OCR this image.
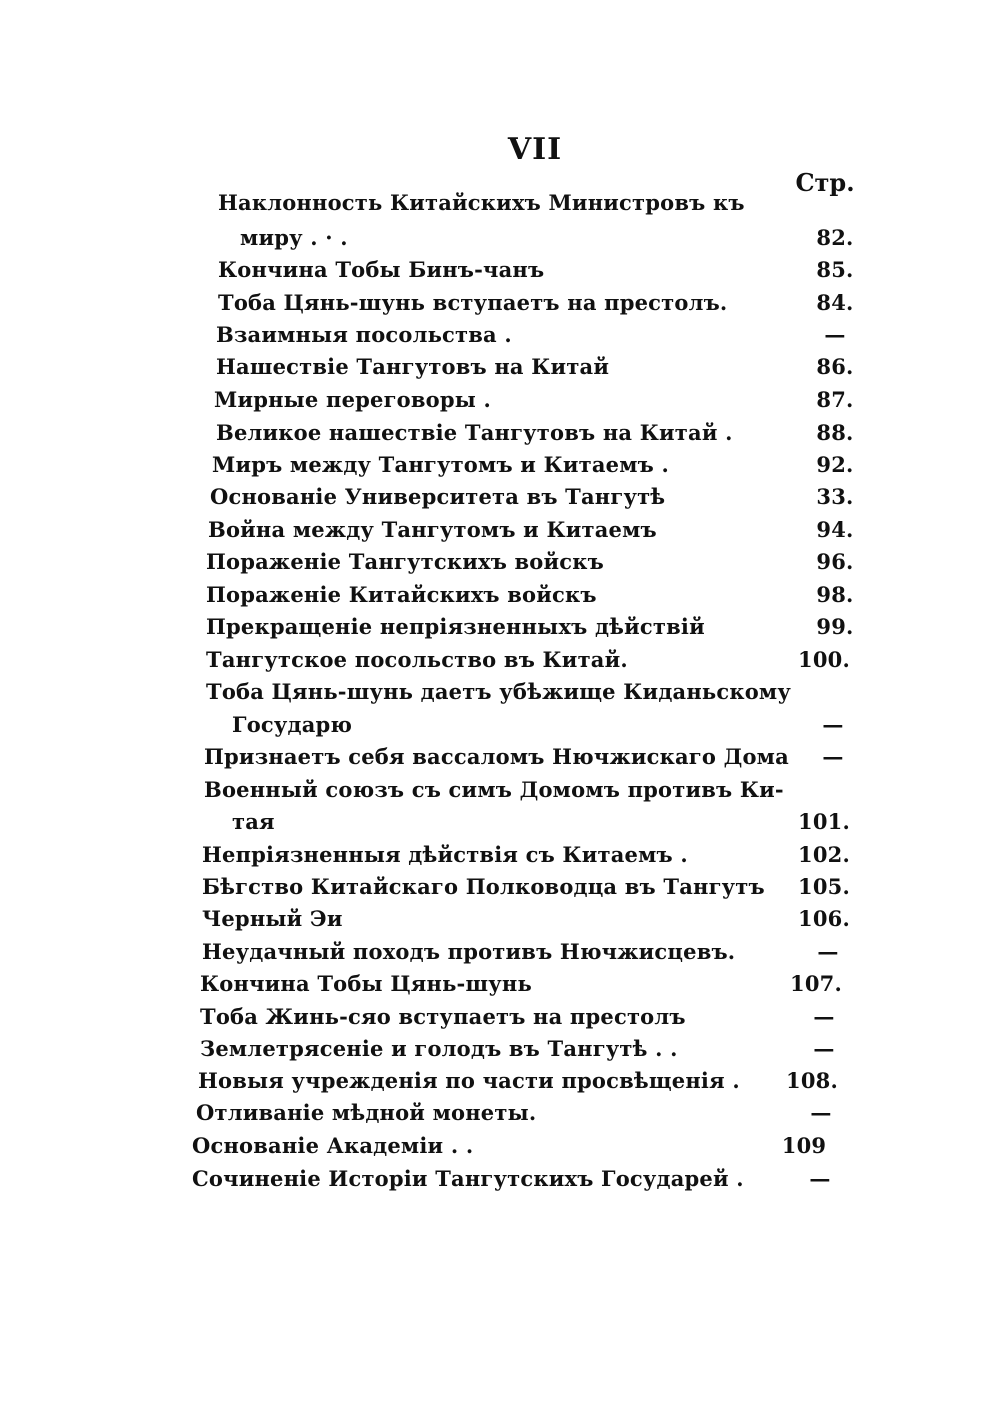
VII
Стр.
Наклонность Китайскихъ Министровъ къ
миру . · .	82.
Кончина Тобы Бинъ-чанъ	85.
Тоба Цянь-шунь вступаетъ на престолъ.	84.
Взаимныя посольства .	—
Нашествіе Тангутовъ на Китай	86.
Мирные переговоры .	87.
Великое нашествіе Тангутовъ на Китай .	88.
Миръ между Тангутомъ и Китаемъ .	92.
Основаніе Университета въ Тангутѣ	33.
Война между Тангутомъ и Китаемъ	94.
Пораженіе Тангутскихъ войскъ	96.
Пораженіе Китайскихъ войскъ	98.
Прекращеніе непріязненныхъ дѣйствій	99.
Тангутское посольство въ Китай.	100.
Тоба Цянь-шунь даетъ убѣжище Киданьскому
Государю	—
Признаетъ себя вассаломъ Нючжискаго Дома	—
Военный союзъ съ симъ Домомъ противъ Ки-
тая	101.
Непріязненныя дѣйствія съ Китаемъ .	102.
Бѣгство Китайскаго Полководца въ Тангутъ	105.
Черный Эи	106.
Неудачный походъ противъ Нючжисцевъ.	—
Кончина Тобы Цянь-шунь	107.
Тоба Жинь-сяо вступаетъ на престолъ	—
Землетрясеніе и голодъ въ Тангутѣ . .	—
Новыя учрежденія по части просвѣщенія .	108.
Отливаніе мѣдной монеты.	—
Основаніе Академіи . .	109
Сочиненіе Исторіи Тангутскихъ Государей .	—
